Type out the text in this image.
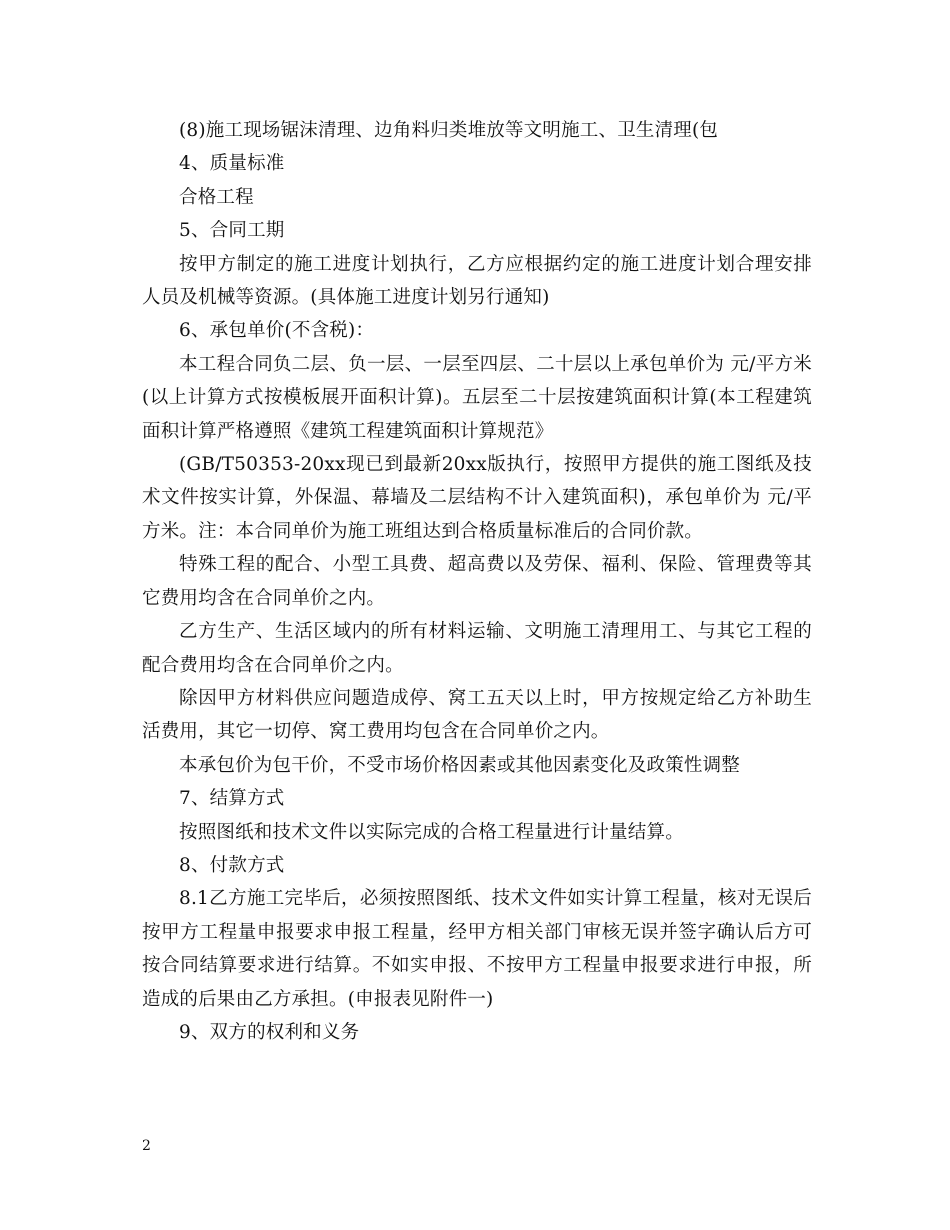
(8)施工现场锯沫清理、边角料归类堆放等文明施工、卫生清理(包

4、质量标准

合格工程

5、合同工期

按甲方制定的施工进度计划执行，乙方应根据约定的施工进度计划合理安排人员及机械等资源。(具体施工进度计划另行通知)

6、承包单价(不含税)：

本工程合同负二层、负一层、一层至四层、二十层以上承包单价为 元/平方米(以上计算方式按模板展开面积计算)。五层至二十层按建筑面积计算(本工程建筑面积计算严格遵照《建筑工程建筑面积计算规范》

(GB/T50353-20xx现已到最新20xx版执行，按照甲方提供的施工图纸及技术文件按实计算，外保温、幕墙及二层结构不计入建筑面积)，承包单价为 元/平方米。注：本合同单价为施工班组达到合格质量标准后的合同价款。

特殊工程的配合、小型工具费、超高费以及劳保、福利、保险、管理费等其它费用均含在合同单价之内。

乙方生产、生活区域内的所有材料运输、文明施工清理用工、与其它工程的配合费用均含在合同单价之内。

除因甲方材料供应问题造成停、窝工五天以上时，甲方按规定给乙方补助生活费用，其它一切停、窝工费用均包含在合同单价之内。

本承包价为包干价，不受市场价格因素或其他因素变化及政策性调整

7、结算方式

按照图纸和技术文件以实际完成的合格工程量进行计量结算。

8、付款方式

8.1乙方施工完毕后，必须按照图纸、技术文件如实计算工程量，核对无误后按甲方工程量申报要求申报工程量，经甲方相关部门审核无误并签字确认后方可按合同结算要求进行结算。不如实申报、不按甲方工程量申报要求进行申报，所造成的后果由乙方承担。(申报表见附件一)

9、双方的权利和义务

2
